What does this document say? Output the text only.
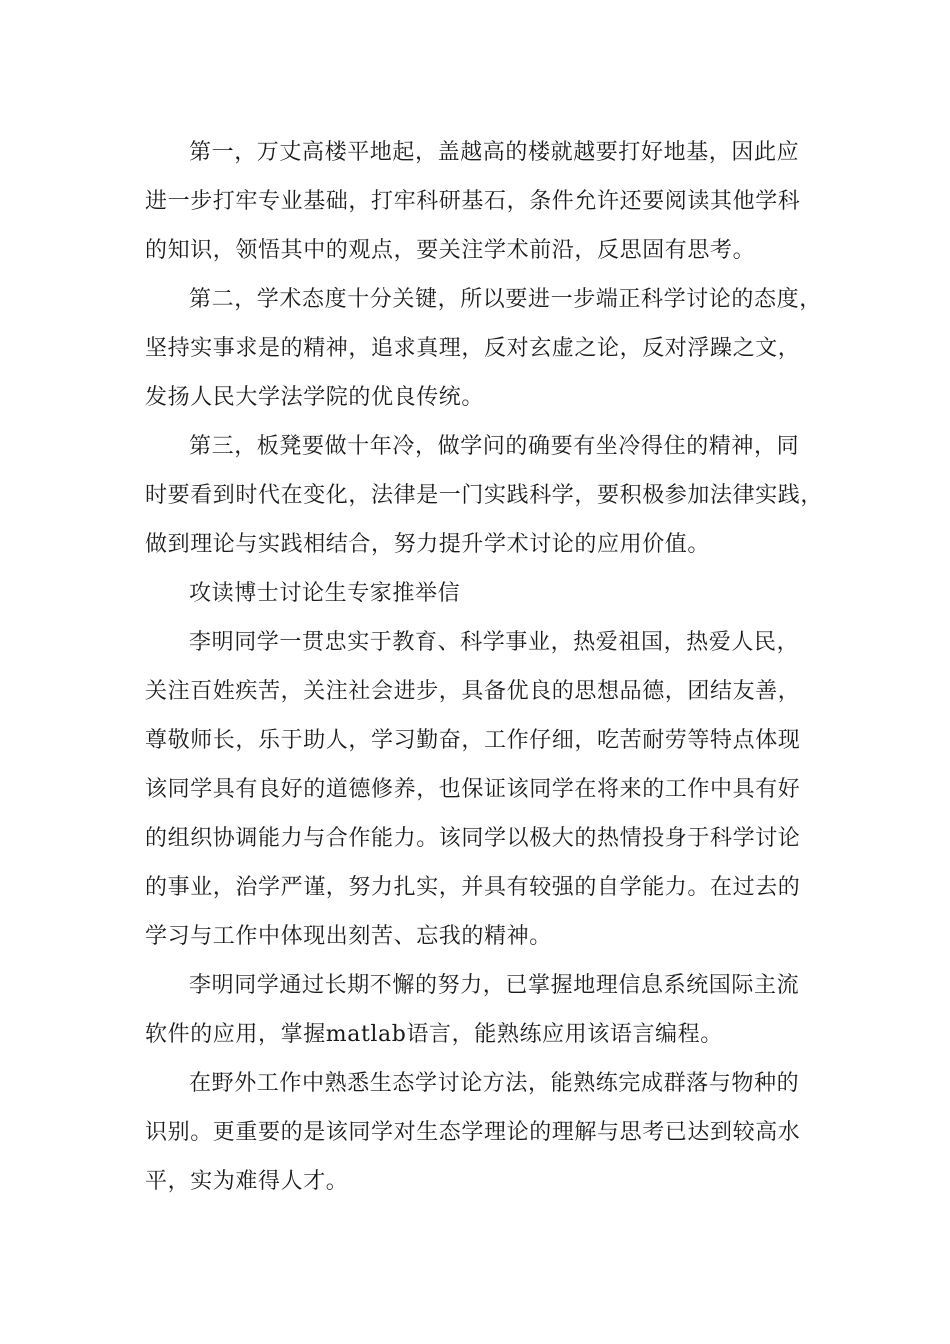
第一，万丈高楼平地起，盖越高的楼就越要打好地基，因此应
进一步打牢专业基础，打牢科研基石，条件允许还要阅读其他学科
的知识，领悟其中的观点，要关注学术前沿，反思固有思考。
第二，学术态度十分关键，所以要进一步端正科学讨论的态度，
坚持实事求是的精神，追求真理，反对玄虚之论，反对浮躁之文，
发扬人民大学法学院的优良传统。
第三，板凳要做十年冷，做学问的确要有坐冷得住的精神，同
时要看到时代在变化，法律是一门实践科学，要积极参加法律实践，
做到理论与实践相结合，努力提升学术讨论的应用价值。
攻读博士讨论生专家推举信
李明同学一贯忠实于教育、科学事业，热爱祖国，热爱人民，
关注百姓疾苦，关注社会进步，具备优良的思想品德，团结友善，
尊敬师长，乐于助人，学习勤奋，工作仔细，吃苦耐劳等特点体现
该同学具有良好的道德修养，也保证该同学在将来的工作中具有好
的组织协调能力与合作能力。该同学以极大的热情投身于科学讨论
的事业，治学严谨，努力扎实，并具有较强的自学能力。在过去的
学习与工作中体现出刻苦、忘我的精神。
李明同学通过长期不懈的努力，已掌握地理信息系统国际主流
软件的应用，掌握matlab语言，能熟练应用该语言编程。
在野外工作中熟悉生态学讨论方法，能熟练完成群落与物种的
识别。更重要的是该同学对生态学理论的理解与思考已达到较高水
平，实为难得人才。
